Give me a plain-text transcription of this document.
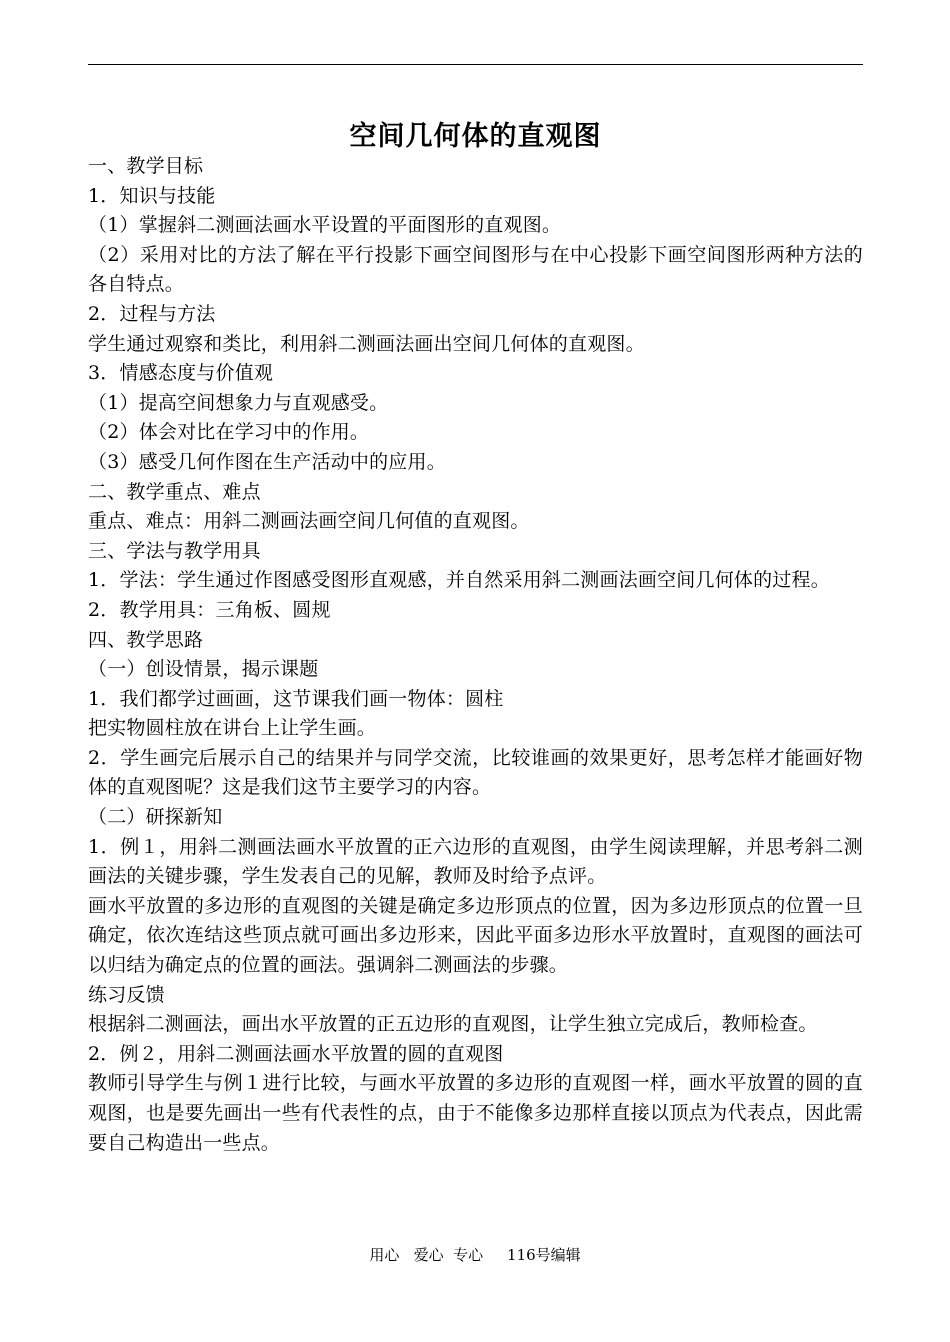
空间几何体的直观图

一、教学目标

1．知识与技能

（1）掌握斜二测画法画水平设置的平面图形的直观图。

（2）采用对比的方法了解在平行投影下画空间图形与在中心投影下画空间图形两种方法的各自特点。

2．过程与方法

学生通过观察和类比，利用斜二测画法画出空间几何体的直观图。

3．情感态度与价值观

（1）提高空间想象力与直观感受。

（2）体会对比在学习中的作用。

（3）感受几何作图在生产活动中的应用。

二、教学重点、难点

重点、难点：用斜二测画法画空间几何值的直观图。

三、学法与教学用具

1．学法：学生通过作图感受图形直观感，并自然采用斜二测画法画空间几何体的过程。

2．教学用具：三角板、圆规

四、教学思路

（一）创设情景，揭示课题

1．我们都学过画画，这节课我们画一物体：圆柱

把实物圆柱放在讲台上让学生画。

2．学生画完后展示自己的结果并与同学交流，比较谁画的效果更好，思考怎样才能画好物体的直观图呢？这是我们这节主要学习的内容。

（二）研探新知

1．例１，用斜二测画法画水平放置的正六边形的直观图，由学生阅读理解，并思考斜二测画法的关键步骤，学生发表自己的见解，教师及时给予点评。

画水平放置的多边形的直观图的关键是确定多边形顶点的位置，因为多边形顶点的位置一旦确定，依次连结这些顶点就可画出多边形来，因此平面多边形水平放置时，直观图的画法可以归结为确定点的位置的画法。强调斜二测画法的步骤。

练习反馈

根据斜二测画法，画出水平放置的正五边形的直观图，让学生独立完成后，教师检查。

2．例２，用斜二测画法画水平放置的圆的直观图

教师引导学生与例１进行比较，与画水平放置的多边形的直观图一样，画水平放置的圆的直观图，也是要先画出一些有代表性的点，由于不能像多边那样直接以顶点为代表点，因此需要自己构造出一些点。

用心   爱心  专心     116号编辑
